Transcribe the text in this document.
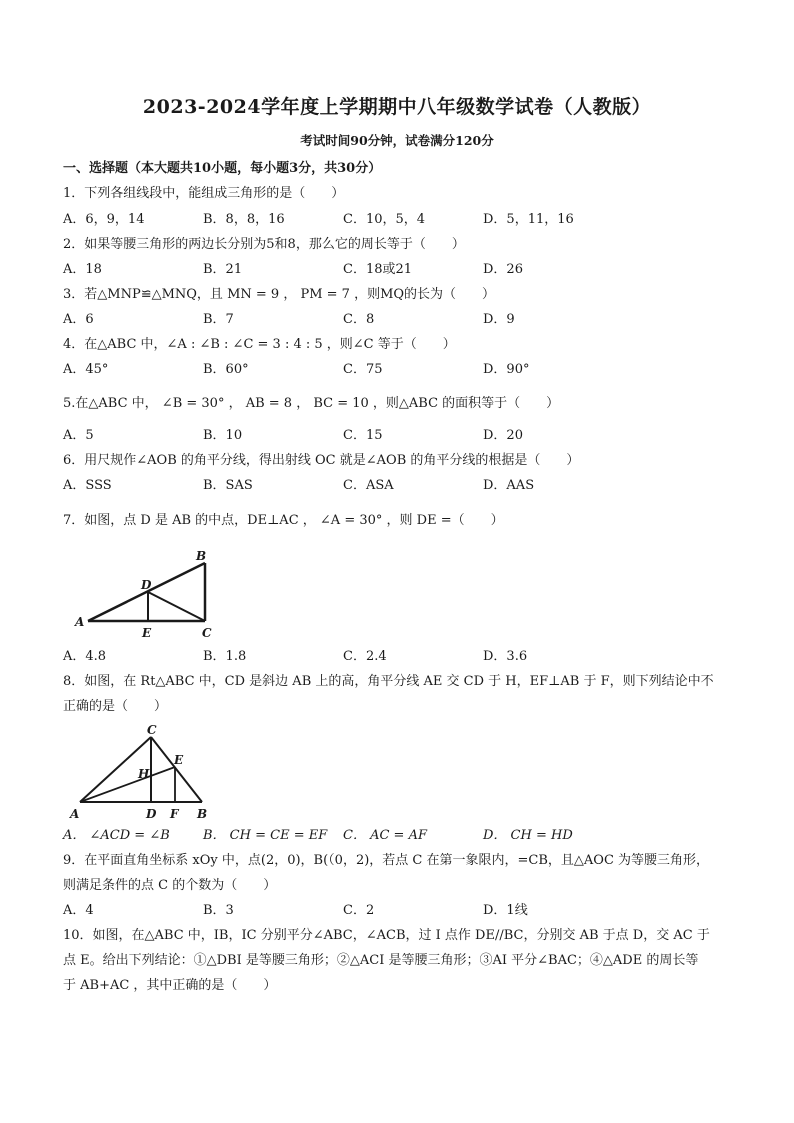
2023-2024学年度上学期期中八年级数学试卷（人教版）
考试时间90分钟，试卷满分120分
一、选择题（本大题共10小题，每小题3分，共30分）
1．下列各组线段中，能组成三角形的是（　　）
A．6，9，14	B．8，8，16	C．10，5，4	D．5，11，16
2．如果等腰三角形的两边长分别为5和8，那么它的周长等于（　　）
A．18	B．21	C．18或21	D．26
3．若△MNP≌△MNQ，且 MN = 9 ， PM = 7 ，则MQ的长为（　　）
A．6	B．7	C．8	D．9
4．在△ABC 中，∠A : ∠B : ∠C = 3 : 4 : 5 ，则∠C 等于（　　）
A．45°	B．60°	C．75	D．90°
5.在△ABC 中， ∠B = 30° ， AB = 8 ， BC = 10 ，则△ABC 的面积等于（　　）
A．5	B．10	C．15	D．20
6．用尺规作∠AOB 的角平分线，得出射线 OC 就是∠AOB 的角平分线的根据是（　　）
A．SSS	B．SAS	C．ASA	D．AAS
7．如图，点 D 是 AB 的中点，DE⊥AC ， ∠A = 30° ，则 DE =（　　）
A
B
C
D
E
A．4.8	B．1.8	C．2.4	D．3.6
8．如图，在 Rt△ABC 中，CD 是斜边 AB 上的高，角平分线 AE 交 CD 于 H，EF⊥AB 于 F，则下列结论中不
正确的是（　　）
A	B
C
D
E
F
H
A． ∠ACD = ∠B	B． CH = CE = EF C． AC = AF	D． CH = HD
9．在平面直角坐标系 xOy 中，点(2，0)，B(（0，2)，若点 C 在第一象限内，=CB，且△AOC 为等腰三角形，
则满足条件的点 C 的个数为（　　）
A．4	B．3	C．2	D．1线
10．如图，在△ABC 中，IB，IC 分别平分∠ABC，∠ACB，过 I 点作 DE//BC，分别交 AB 于点 D，交 AC 于
点 E。给出下列结论：①△DBI 是等腰三角形；②△ACI 是等腰三角形；③AI 平分∠BAC；④△ADE 的周长等
于 AB+AC ，其中正确的是（　　）
